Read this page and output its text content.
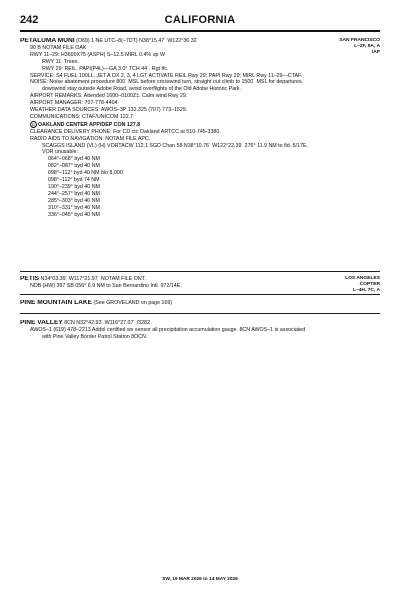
242	CALIFORNIA
SAN FRANCISCO
L–2F, 5A, A
IAP
PETALUMA MUNI (O69) 1 NE UTC–8(–7DT) N38°15.47´ W122°36.32´
90 B NOTAM FILE OAK
RWY 11–29: H3600X75 (ASPH) S–12.5 MIRL 0.4% up W
RWY 11: Trees.
RWY 29: REIL. PAPI(P4L)—GA 3.0° TCH 44´. Rgt tfc.
SERVICE: S4 FUEL 100LL, JET A OX 2, 3, 4 LGT ACTIVATE REIL Rwy 29; PAPI Rwy 29; MIRL Rwy 11–29—CTAF.
NOISE: Noise abatement procedure 800´ MSL before crosswind turn, straight out climb to 1500´ MSL for departures,
downwind stay outside Adobe Road, avoid overflights of the Old Adobe Historic Park.
AIRPORT REMARKS: Attended 1600–0100Z‡. Calm wind Rwy 29.
AIRPORT MANAGER: 707-778-4404
WEATHER DATA SOURCES: AWOS–3P 132.325 (707) 773–1529.
COMMUNICATIONS: CTAF/UNICOM 122.7
C OAKLAND CENTER APP/DEP CON 127.8
CLEARANCE DELIVERY PHONE: For CD ctc Oakland ARTCC at 510-745-3380.
RADIO AIDS TO NAVIGATION: NOTAM FILE APC.
SCAGGS ISLAND (VL) (H) VORTACW 112.1 SGD Chan 58 N38°10.76´ W122°22.39´ 276° 11.9 NM to fld. 5/17E.
VOR unusable:
064°–068° byd 40 NM
082°–087° byd 40 NM
098°–112° byd 40 NM blo 8,000´
098°–112° byd 74 NM
190°–239° byd 40 NM
244°–257° byd 40 NM
285°–303° byd 40 NM
310°–331° byd 40 NM
336°–045° byd 40 NM
LOS ANGELES
COPTER
L–4H, 7C, A
PETIS N34°03.39´ W117°21.97´ NOTAM FILE ONT.
NDB (HW) 397 SB 056° 6.9 NM to San Bernardino Intl. 972/14E.
PINE MOUNTAIN LAKE (See GROVELAND on page 169)
PINE VALLEY 8CN N32°42.93´ W116°27.07´ /3282
AWOS–1 (619) 478–2213 Addnl certified wx sensor all precipitation accumulation gauge. 8CN AWOS–1 is associated
with Pine Valley Border Patrol Station 8OCN.
SW, 19 MAR 2026 to 14 MAY 2026
